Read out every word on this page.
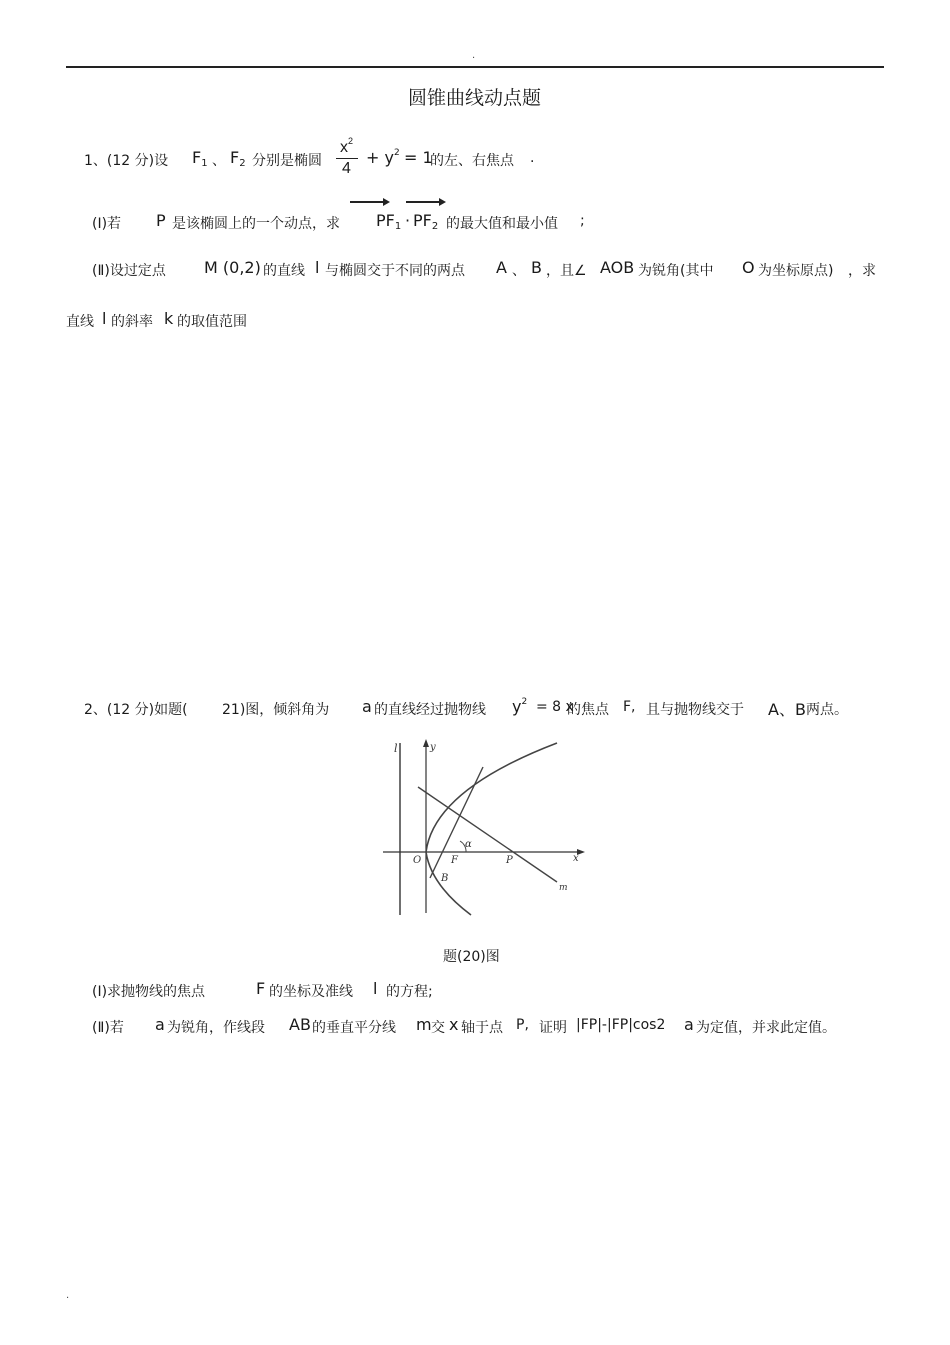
.
圆锥曲线动点题
1、(12 分)设 $F_1$ 、 $F_2$ 分别是椭圆
$x^2$
4
+ $y^2 = 1$
的左、右焦点 .
(Ⅰ)若 P 是该椭圆上的一个动点，求 $PF_1 \cdot PF_2$ 的最大值和最小值 ;
(Ⅱ)设过定点 M (0,2) 的直线 l 与椭圆交于不同的两点 A 、 B ，且∠ AOB 为锐角(其中 O 为坐标原点) ，求
直线 l 的斜率 k 的取值范围
2、(12 分)如题( 21)图，倾斜角为 a 的直线经过抛物线 $y^2 = 8$ x
的焦点 F, 且与抛物线交于 A、B 两点。
l	y
x
O	F	P
B
m
α
题(20)图
(Ⅰ)求抛物线的焦点	F 的坐标及准线 l 的方程;
(Ⅱ)若 a 为锐角，作线段 AB 的垂直平分线 m 交 x 轴于点 P, 证明 |FP|-|FP|cos2 a 为定值，并求此定值。
.
